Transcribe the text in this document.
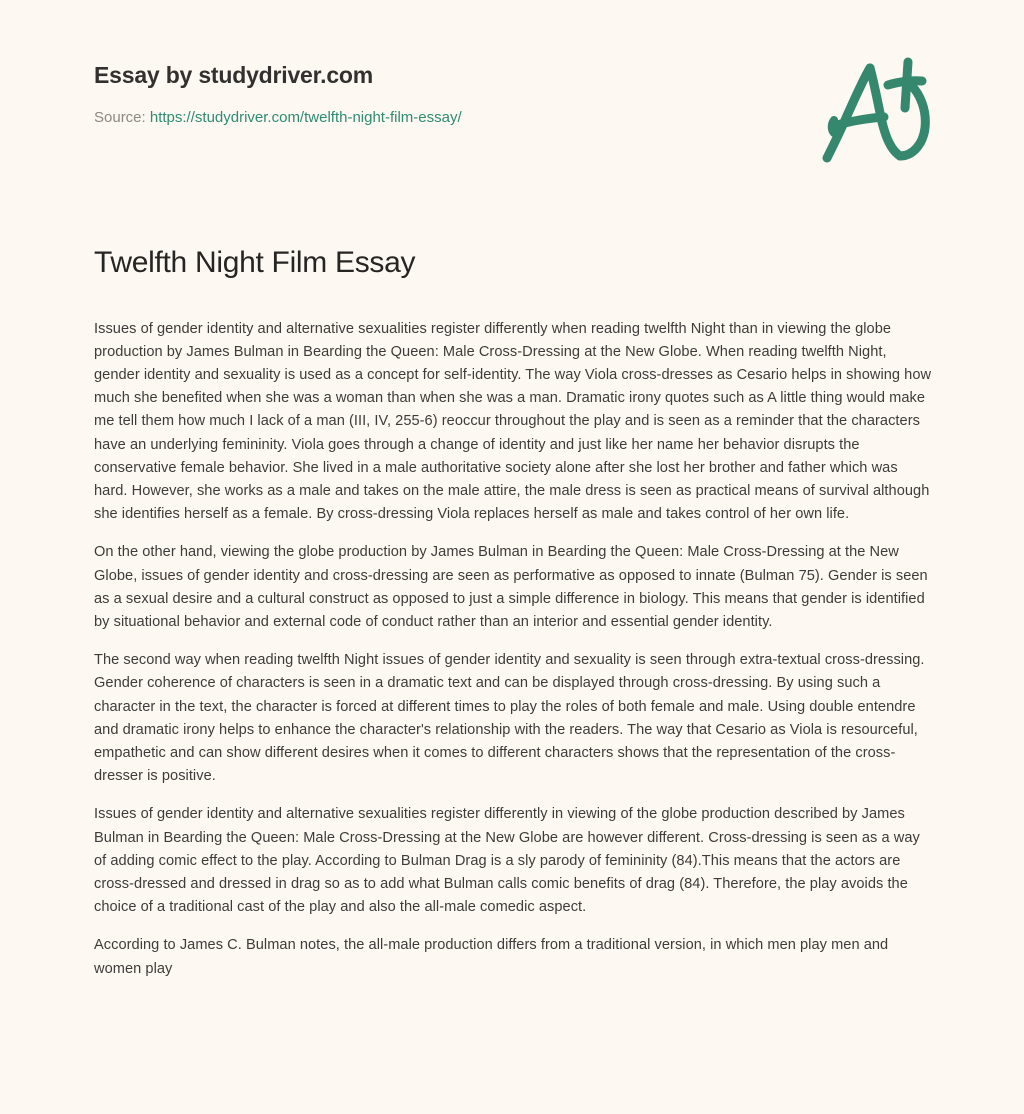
Essay by studydriver.com
Source: https://studydriver.com/twelfth-night-film-essay/
Twelfth Night Film Essay

Issues of gender identity and alternative sexualities register differently when reading twelfth Night than in viewing the globe production by James Bulman in Bearding the Queen: Male Cross-Dressing at the New Globe. When reading twelfth Night, gender identity and sexuality is used as a concept for self-identity. The way Viola cross-dresses as Cesario helps in showing how much she benefited when she was a woman than when she was a man. Dramatic irony quotes such as A little thing would make me tell them how much I lack of a man (III, IV, 255-6) reoccur throughout the play and is seen as a reminder that the characters have an underlying femininity. Viola goes through a change of identity and just like her name her behavior disrupts the conservative female behavior. She lived in a male authoritative society alone after she lost her brother and father which was hard. However, she works as a male and takes on the male attire, the male dress is seen as practical means of survival although she identifies herself as a female. By cross-dressing Viola replaces herself as male and takes control of her own life.

On the other hand, viewing the globe production by James Bulman in Bearding the Queen: Male Cross-Dressing at the New Globe, issues of gender identity and cross-dressing are seen as performative as opposed to innate (Bulman 75). Gender is seen as a sexual desire and a cultural construct as opposed to just a simple difference in biology. This means that gender is identified by situational behavior and external code of conduct rather than an interior and essential gender identity.

The second way when reading twelfth Night issues of gender identity and sexuality is seen through extra-textual cross-dressing. Gender coherence of characters is seen in a dramatic text and can be displayed through cross-dressing. By using such a character in the text, the character is forced at different times to play the roles of both female and male. Using double entendre and dramatic irony helps to enhance the character's relationship with the readers. The way that Cesario as Viola is resourceful, empathetic and can show different desires when it comes to different characters shows that the representation of the cross-dresser is positive.

Issues of gender identity and alternative sexualities register differently in viewing of the globe production described by James Bulman in Bearding the Queen: Male Cross-Dressing at the New Globe are however different. Cross-dressing is seen as a way of adding comic effect to the play. According to Bulman Drag is a sly parody of femininity (84).This means that the actors are cross-dressed and dressed in drag so as to add what Bulman calls comic benefits of drag (84). Therefore, the play avoids the choice of a traditional cast of the play and also the all-male comedic aspect.

According to James C. Bulman notes, the all-male production differs from a traditional version, in which men play men and women play
